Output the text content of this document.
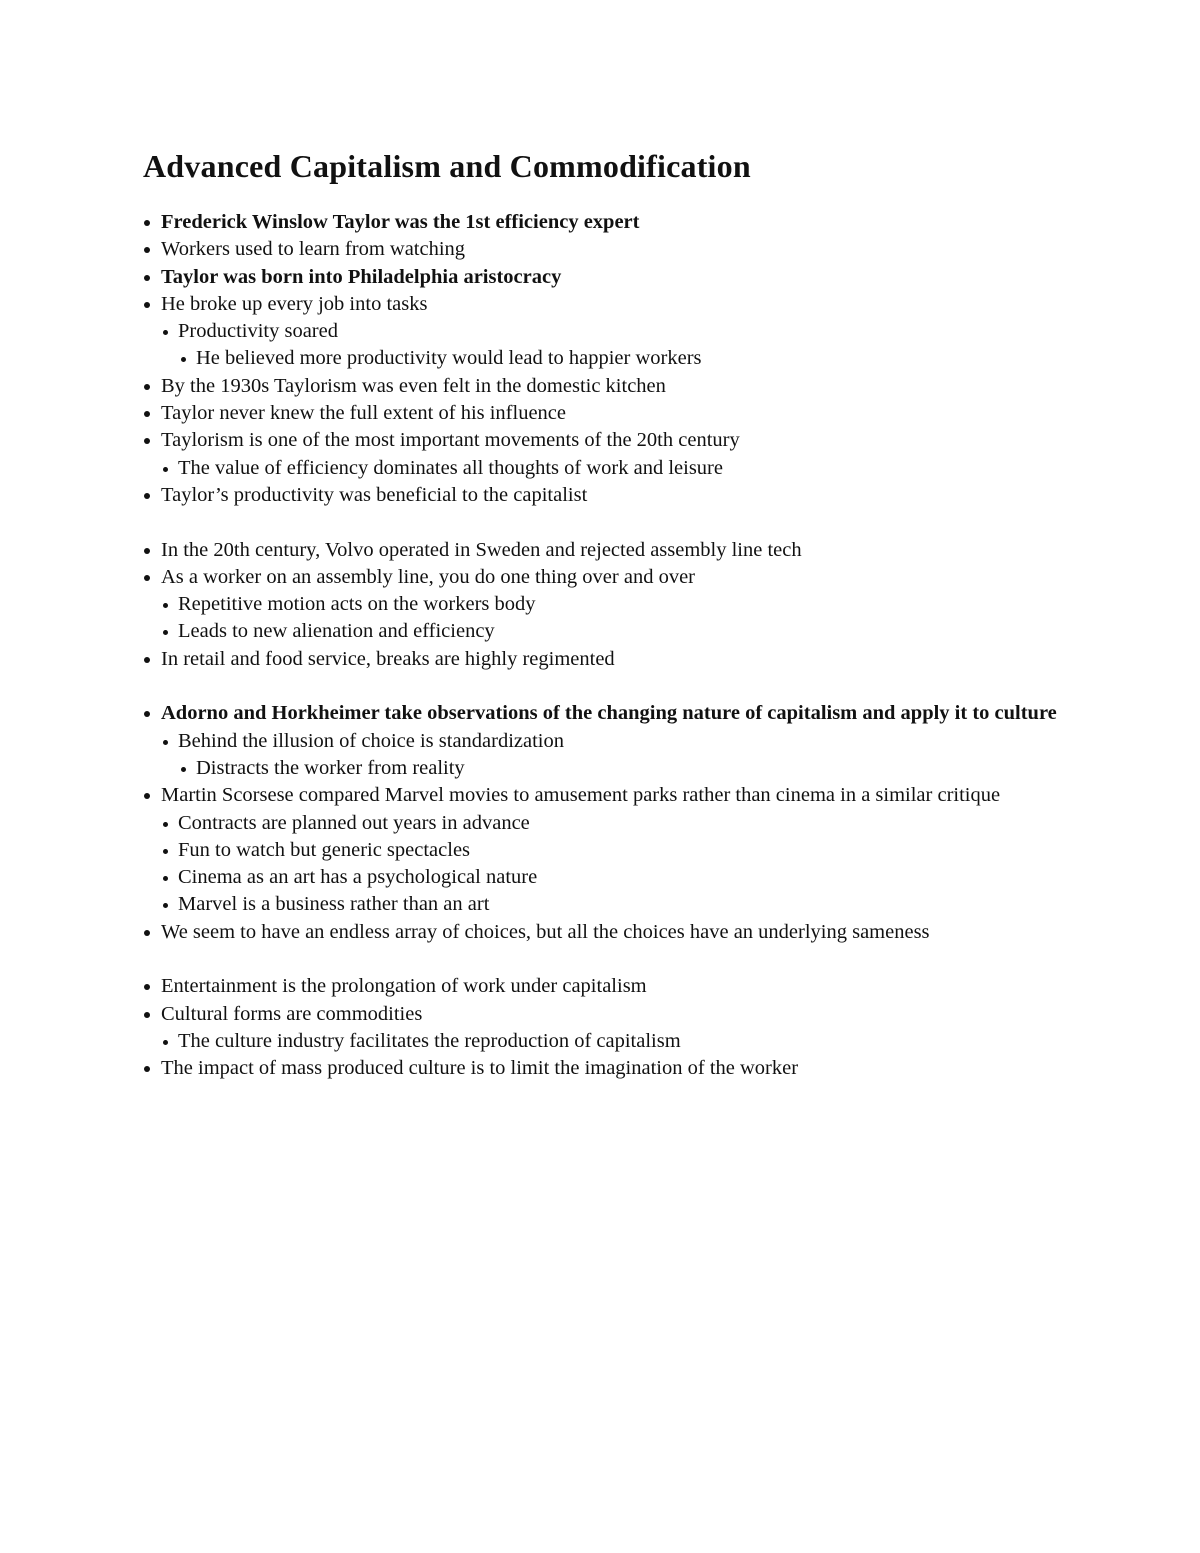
Advanced Capitalism and Commodification
Frederick Winslow Taylor was the 1st efficiency expert
Workers used to learn from watching
Taylor was born into Philadelphia aristocracy
He broke up every job into tasks
Productivity soared
He believed more productivity would lead to happier workers
By the 1930s Taylorism was even felt in the domestic kitchen
Taylor never knew the full extent of his influence
Taylorism is one of the most important movements of the 20th century
The value of efficiency dominates all thoughts of work and leisure
Taylor’s productivity was beneficial to the capitalist
In the 20th century, Volvo operated in Sweden and rejected assembly line tech
As a worker on an assembly line, you do one thing over and over
Repetitive motion acts on the workers body
Leads to new alienation and efficiency
In retail and food service, breaks are highly regimented
Adorno and Horkheimer take observations of the changing nature of capitalism and apply it to culture
Behind the illusion of choice is standardization
Distracts the worker from reality
Martin Scorsese compared Marvel movies to amusement parks rather than cinema in a similar critique
Contracts are planned out years in advance
Fun to watch but generic spectacles
Cinema as an art has a psychological nature
Marvel is a business rather than an art
We seem to have an endless array of choices, but all the choices have an underlying sameness
Entertainment is the prolongation of work under capitalism
Cultural forms are commodities
The culture industry facilitates the reproduction of capitalism
The impact of mass produced culture is to limit the imagination of the worker
